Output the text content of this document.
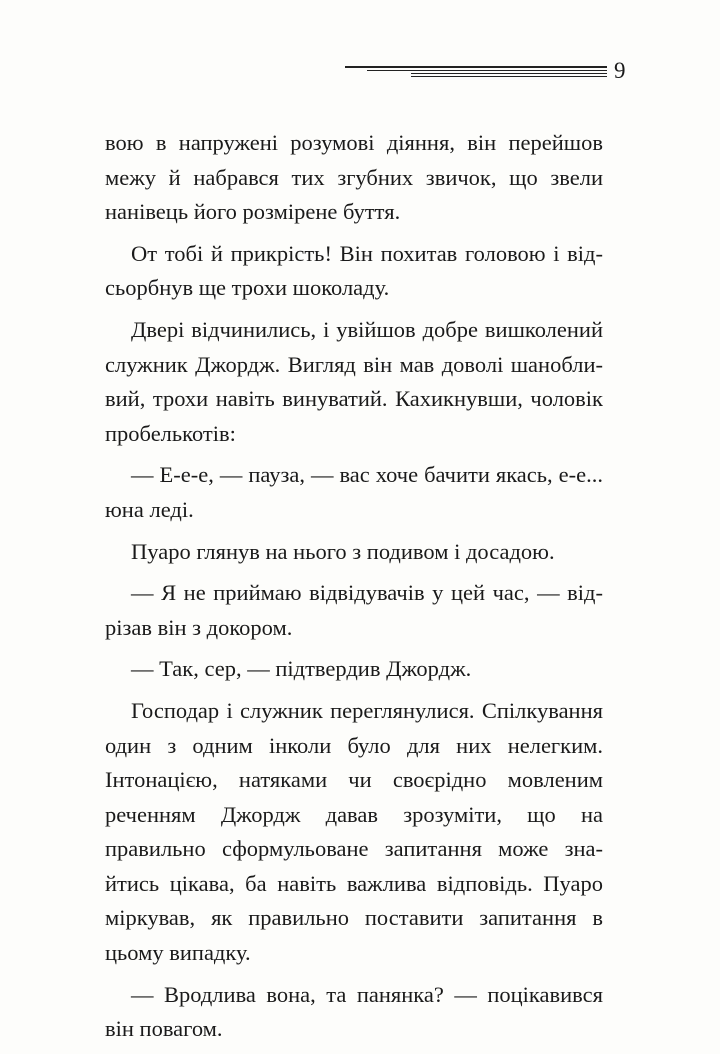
9

вою в напружені розумові діяння, він перейшов межу й набрався тих згубних звичок, що звели нанівець його розмірене буття.

От тобі й прикрість! Він похитав головою і відсьорбнув ще трохи шоколаду.

Двері відчинились, і увійшов добре вишколений служник Джордж. Вигляд він мав доволі шанобливий, трохи навіть винуватий. Кахикнувши, чоловік пробелькотів:

— Е-е-е, — пауза, — вас хоче бачити якась, е-е... юна леді.

Пуаро глянув на нього з подивом і досадою.

— Я не приймаю відвідувачів у цей час, — відрізав він з докором.

— Так, сер, — підтвердив Джордж.

Господар і служник переглянулися. Спілкування один з одним інколи було для них нелегким. Інтонацією, натяками чи своєрідно мовленим реченням Джордж давав зрозуміти, що на правильно сформульоване запитання може знайтись цікава, ба навіть важлива відповідь. Пуаро міркував, як правильно поставити запитання в цьому випадку.

— Вродлива вона, та панянка? — поцікавився він повагом.
